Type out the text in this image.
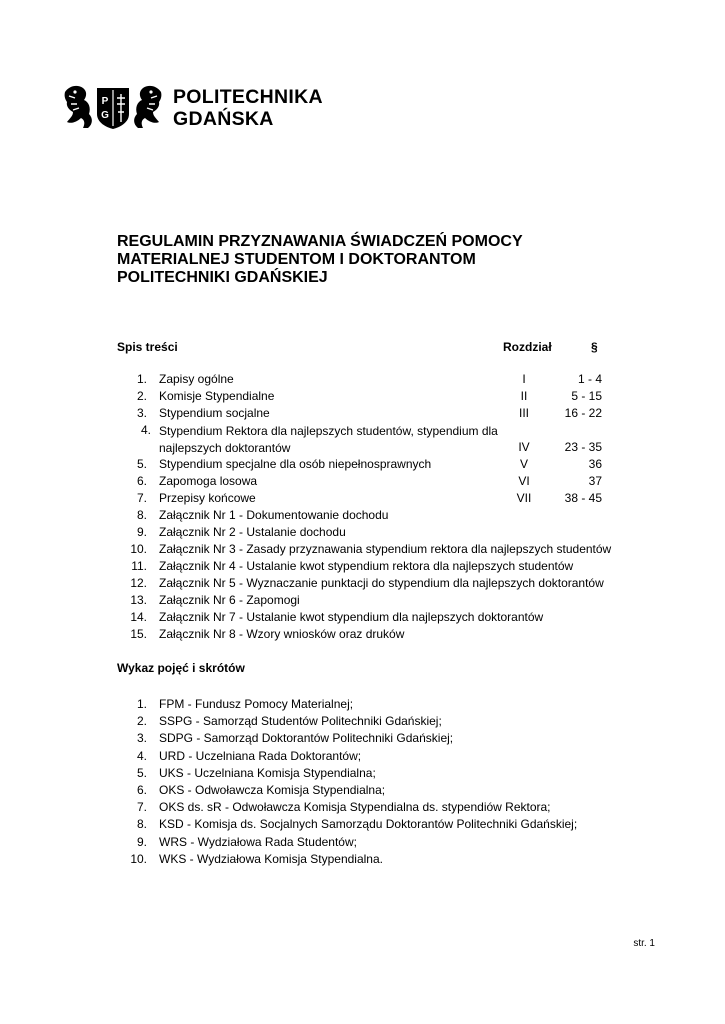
P
G
POLITECHNIKA
GDAŃSKA
REGULAMIN PRZYZNAWANIA ŚWIADCZEŃ POMOCY
MATERIALNEJ STUDENTOM I DOKTORANTOM
POLITECHNIKI GDAŃSKIEJ
Spis treści	Rozdział	§
1. Zapisy ogólne	I	1 - 4
2. Komisje Stypendialne	II	5 - 15
3. Stypendium socjalne	III	16 - 22
4. Stypendium Rektora dla najlepszych studentów, stypendium dla najlepszych doktorantów	IV	23 - 35
5. Stypendium specjalne dla osób niepełnosprawnych	V	36
6. Zapomoga losowa	VI	37
7. Przepisy końcowe	VII	38 - 45
8. Załącznik Nr 1 - Dokumentowanie dochodu
9. Załącznik Nr 2 - Ustalanie dochodu
10. Załącznik Nr 3 - Zasady przyznawania stypendium rektora dla najlepszych studentów
11. Załącznik Nr 4 - Ustalanie kwot stypendium rektora dla najlepszych studentów
12. Załącznik Nr 5 - Wyznaczanie punktacji do stypendium dla najlepszych doktorantów
13. Załącznik Nr 6 - Zapomogi
14. Załącznik Nr 7 - Ustalanie kwot stypendium dla najlepszych doktorantów
15. Załącznik Nr 8 - Wzory wniosków oraz druków
Wykaz pojęć i skrótów
1. FPM - Fundusz Pomocy Materialnej;
2. SSPG - Samorząd Studentów Politechniki Gdańskiej;
3. SDPG - Samorząd Doktorantów Politechniki Gdańskiej;
4. URD - Uczelniana Rada Doktorantów;
5. UKS - Uczelniana Komisja Stypendialna;
6. OKS - Odwoławcza Komisja Stypendialna;
7. OKS ds. sR - Odwoławcza Komisja Stypendialna ds. stypendiów Rektora;
8. KSD - Komisja ds. Socjalnych Samorządu Doktorantów Politechniki Gdańskiej;
9. WRS - Wydziałowa Rada Studentów;
10. WKS - Wydziałowa Komisja Stypendialna.
str. 1
